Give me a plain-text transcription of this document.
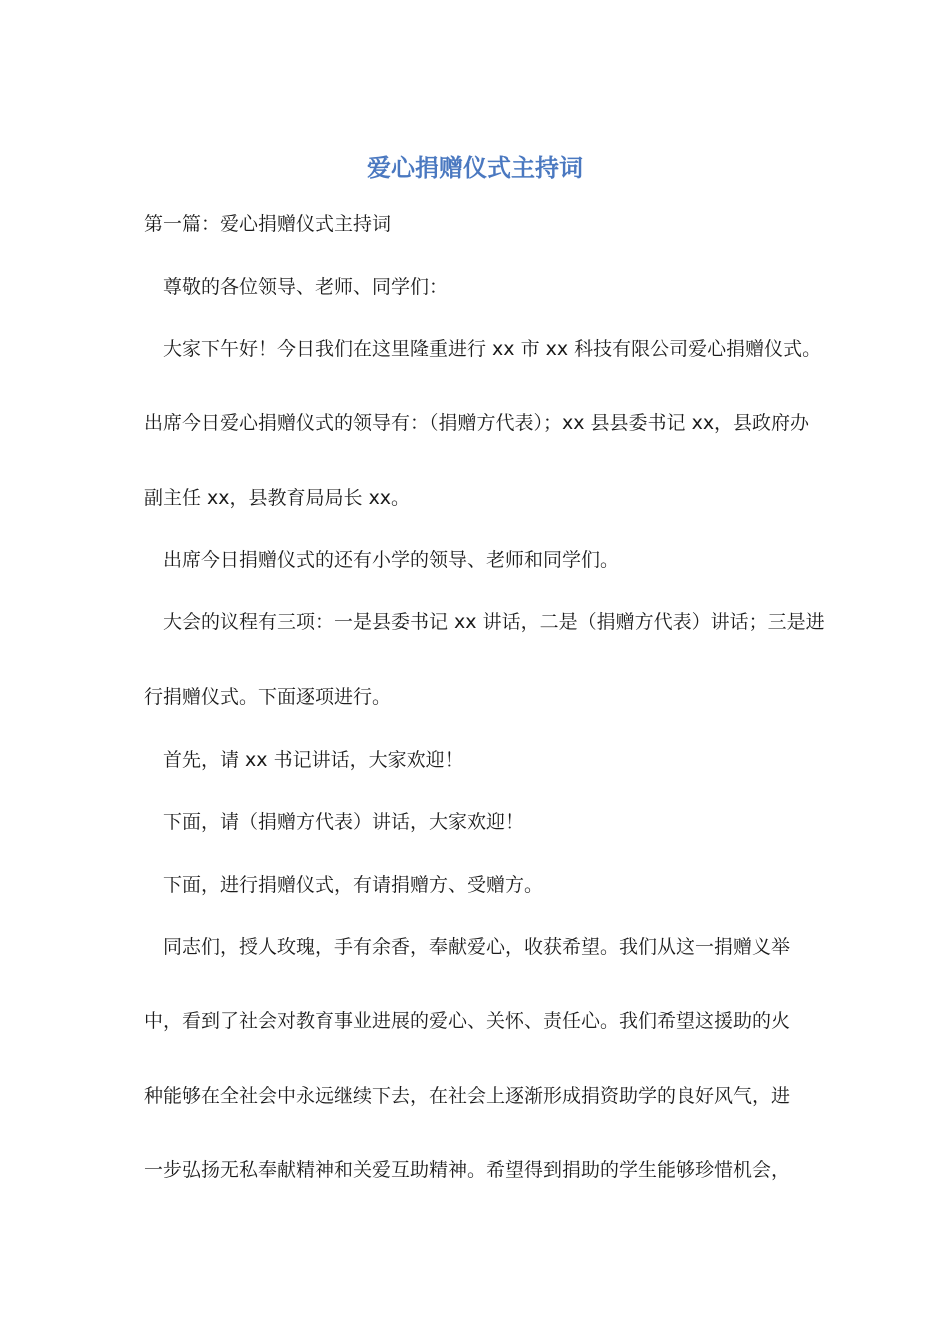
爱心捐赠仪式主持词

第一篇：爱心捐赠仪式主持词

尊敬的各位领导、老师、同学们：

大家下午好！今日我们在这里隆重进行 xx 市 xx 科技有限公司爱心捐赠仪式。

出席今日爱心捐赠仪式的领导有：（捐赠方代表）；xx 县县委书记 xx，县政府办

副主任 xx，县教育局局长 xx。

出席今日捐赠仪式的还有小学的领导、老师和同学们。

大会的议程有三项：一是县委书记 xx 讲话，二是（捐赠方代表）讲话；三是进

行捐赠仪式。下面逐项进行。

首先，请 xx 书记讲话，大家欢迎！

下面，请（捐赠方代表）讲话，大家欢迎！

下面，进行捐赠仪式，有请捐赠方、受赠方。

同志们，授人玫瑰，手有余香，奉献爱心，收获希望。我们从这一捐赠义举

中，看到了社会对教育事业进展的爱心、关怀、责任心。我们希望这援助的火

种能够在全社会中永远继续下去，在社会上逐渐形成捐资助学的良好风气，进

一步弘扬无私奉献精神和关爱互助精神。希望得到捐助的学生能够珍惜机会，
